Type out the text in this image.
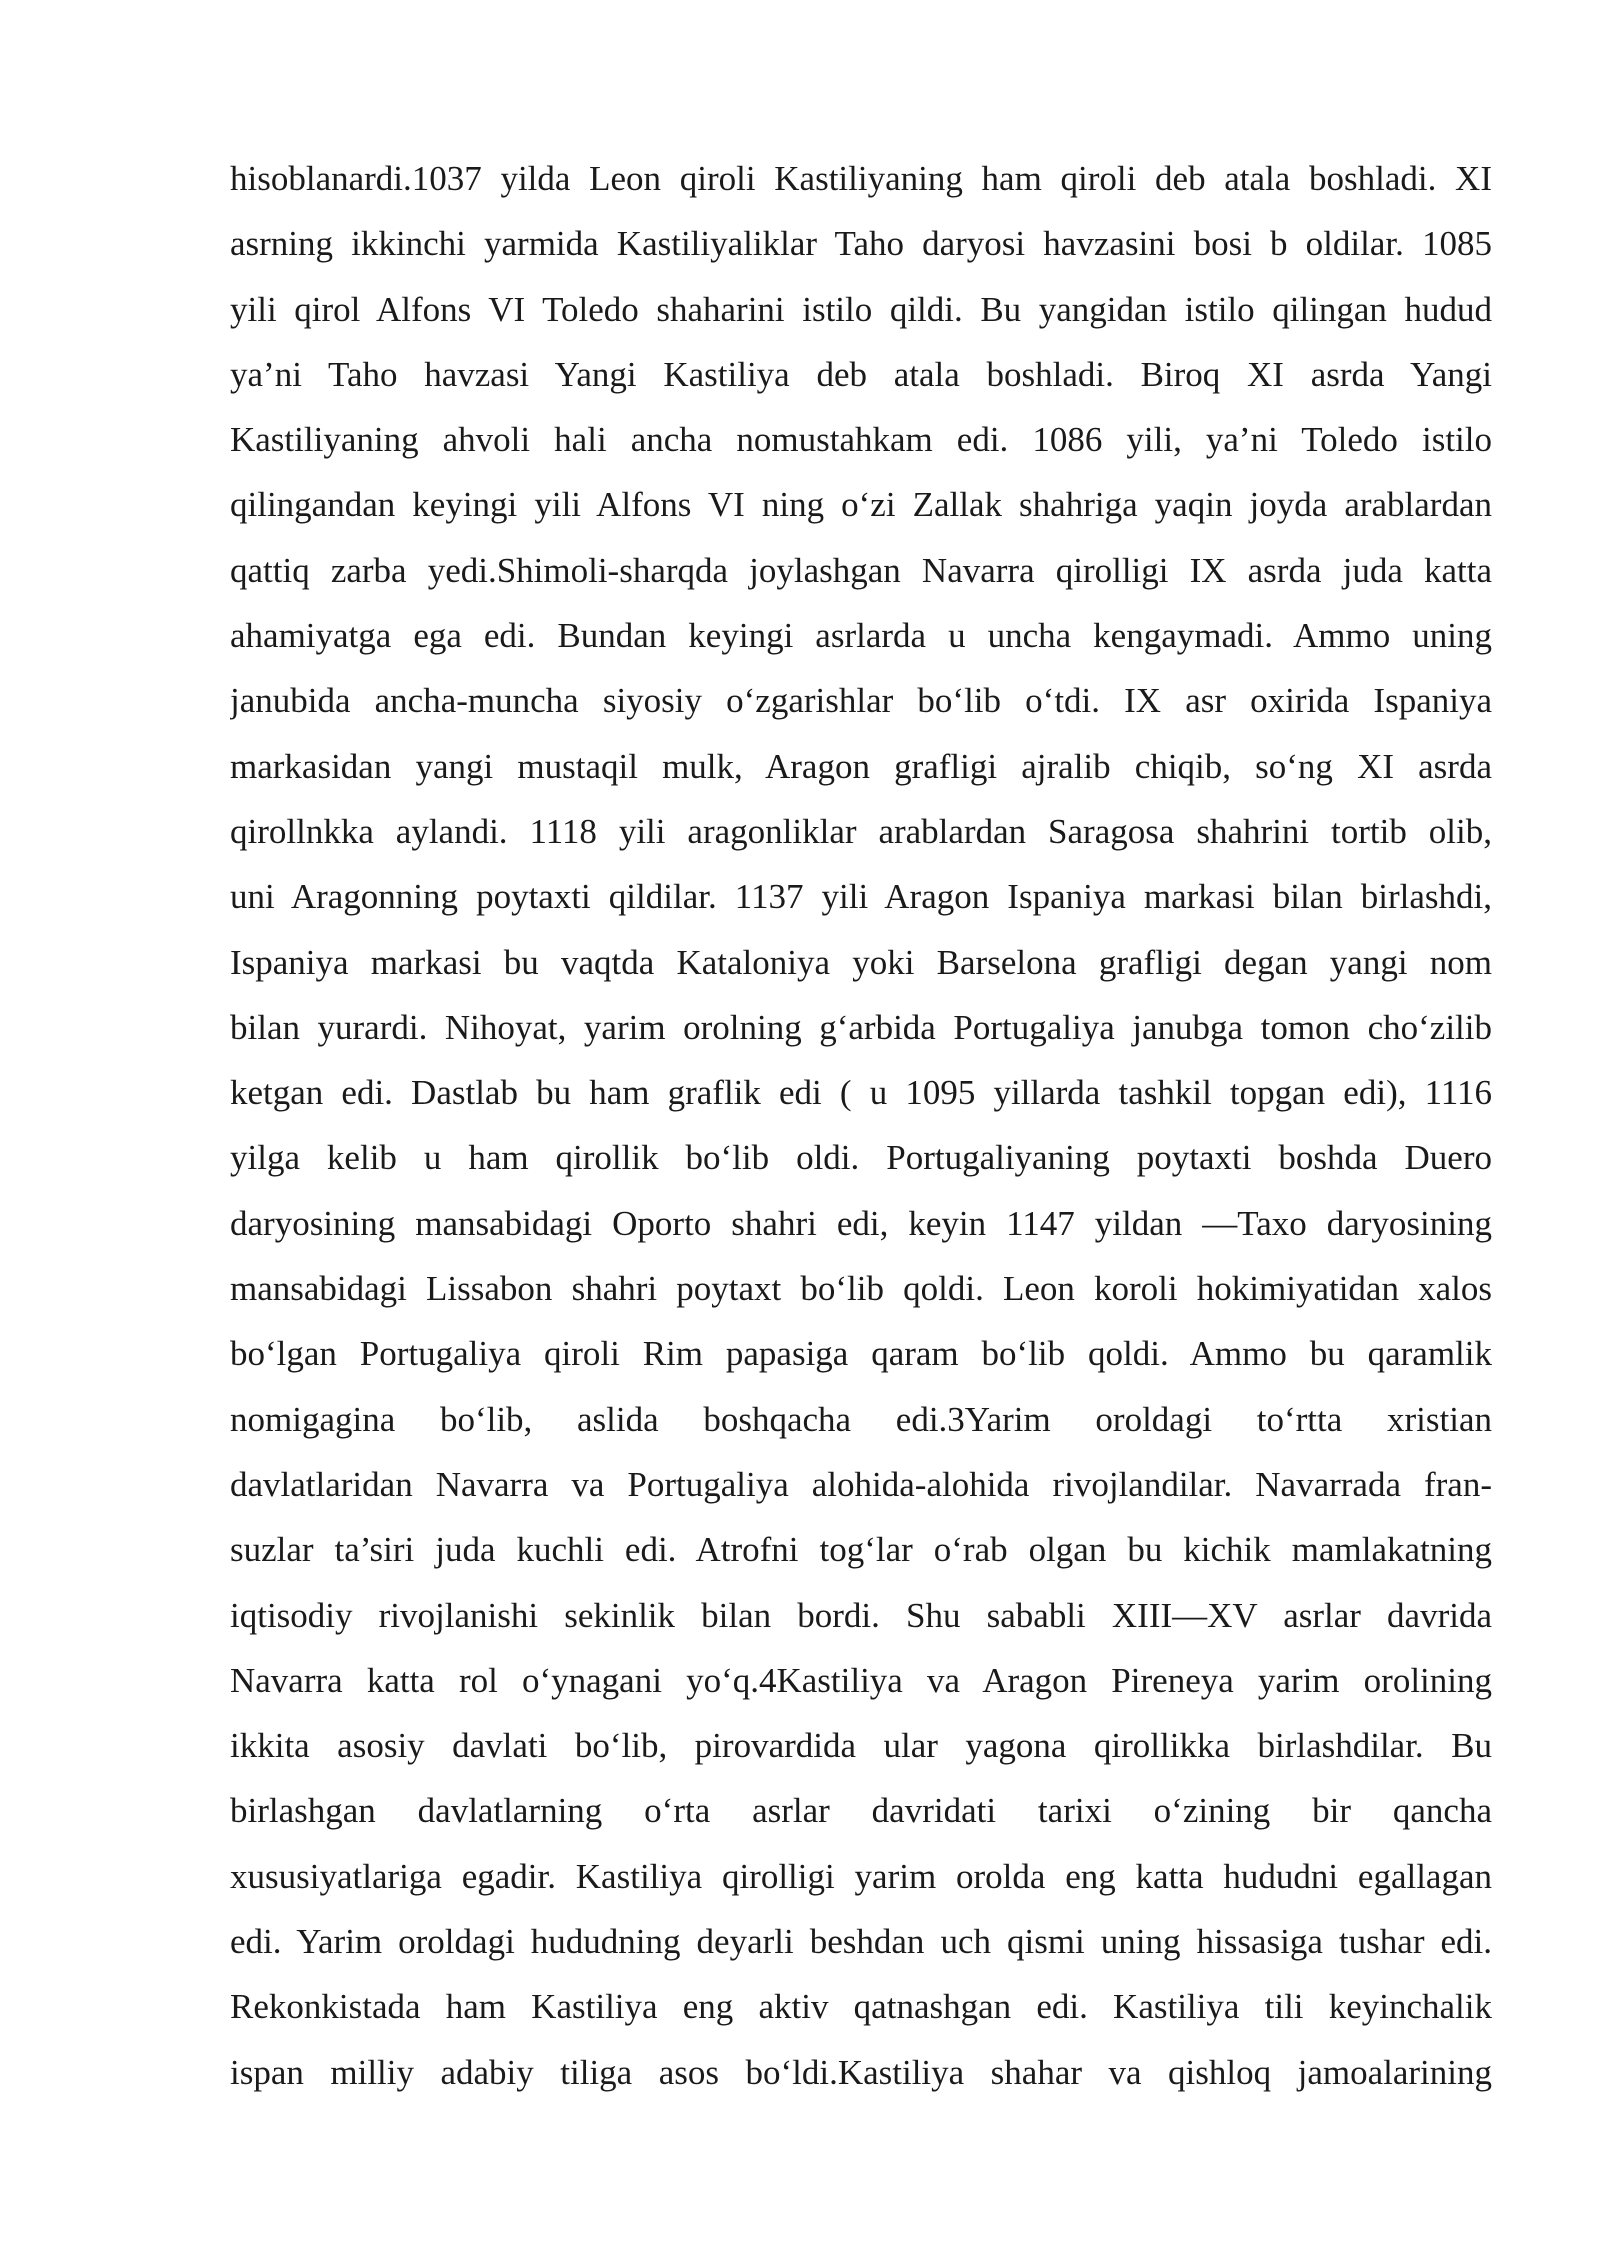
hisoblanardi.1037 yilda Leon qiroli Kastiliyaning ham qiroli deb atala boshladi. XI
asrning ikkinchi yarmida Kastiliyaliklar Taho daryosi havzasini bosi b oldilar. 1085
yili qirol Alfons VI Toledo shaharini istilo qildi. Bu yangidan istilo qilingan hudud
ya’ni Taho havzasi Yangi Kastiliya deb atala boshladi. Biroq XI asrda Yangi
Kastiliyaning ahvoli hali ancha nomustahkam edi. 1086 yili, ya’ni Toledo istilo
qilingandan keyingi yili Alfons VI ning o‘zi Zallak shahriga yaqin joyda arablardan
qattiq zarba yedi.Shimoli-sharqda joylashgan Navarra qirolligi IX asrda juda katta
ahamiyatga ega edi. Bundan keyingi asrlarda u uncha kengaymadi. Ammo uning
janubida ancha-muncha siyosiy o‘zgarishlar bo‘lib o‘tdi. IX asr oxirida Ispaniya
markasidan yangi mustaqil mulk, Aragon grafligi ajralib chiqib, so‘ng XI asrda
qirollnkka aylandi. 1118 yili aragonliklar arablardan Saragosa shahrini tortib olib,
uni Aragonning poytaxti qildilar. 1137 yili Aragon Ispaniya markasi bilan birlashdi,
Ispaniya markasi bu vaqtda Kataloniya yoki Barselona grafligi degan yangi nom
bilan yurardi. Nihoyat, yarim orolning g‘arbida Portugaliya janubga tomon cho‘zilib
ketgan edi. Dastlab bu ham graflik edi ( u 1095 yillarda tashkil topgan edi), 1116
yilga kelib u ham qirollik bo‘lib oldi. Portugaliyaning poytaxti boshda Duero
daryosining mansabidagi Oporto shahri edi, keyin 1147 yildan —Taxo daryosining
mansabidagi Lissabon shahri poytaxt bo‘lib qoldi. Leon koroli hokimiyatidan xalos
bo‘lgan Portugaliya qiroli Rim papasiga qaram bo‘lib qoldi. Ammo bu qaramlik
nomigagina bo‘lib, aslida boshqacha edi.3Yarim oroldagi to‘rtta xristian
davlatlaridan Navarra va Portugaliya alohida-alohida rivojlandilar. Navarrada fran-
suzlar ta’siri juda kuchli edi. Atrofni tog‘lar o‘rab olgan bu kichik mamlakatning
iqtisodiy rivojlanishi sekinlik bilan bordi. Shu sababli XIII—XV asrlar davrida
Navarra katta rol o‘ynagani yo‘q.4Kastiliya va Aragon Pireneya yarim orolining
ikkita asosiy davlati bo‘lib, pirovardida ular yagona qirollikka birlashdilar. Bu
birlashgan davlatlarning o‘rta asrlar davridati tarixi o‘zining bir qancha
xususiyatlariga egadir. Kastiliya qirolligi yarim orolda eng katta hududni egallagan
edi. Yarim oroldagi hududning deyarli beshdan uch qismi uning hissasiga tushar edi.
Rekonkistada ham Kastiliya eng aktiv qatnashgan edi. Kastiliya tili keyinchalik
ispan milliy adabiy tiliga asos bo‘ldi.Kastiliya shahar va qishloq jamoalarining
